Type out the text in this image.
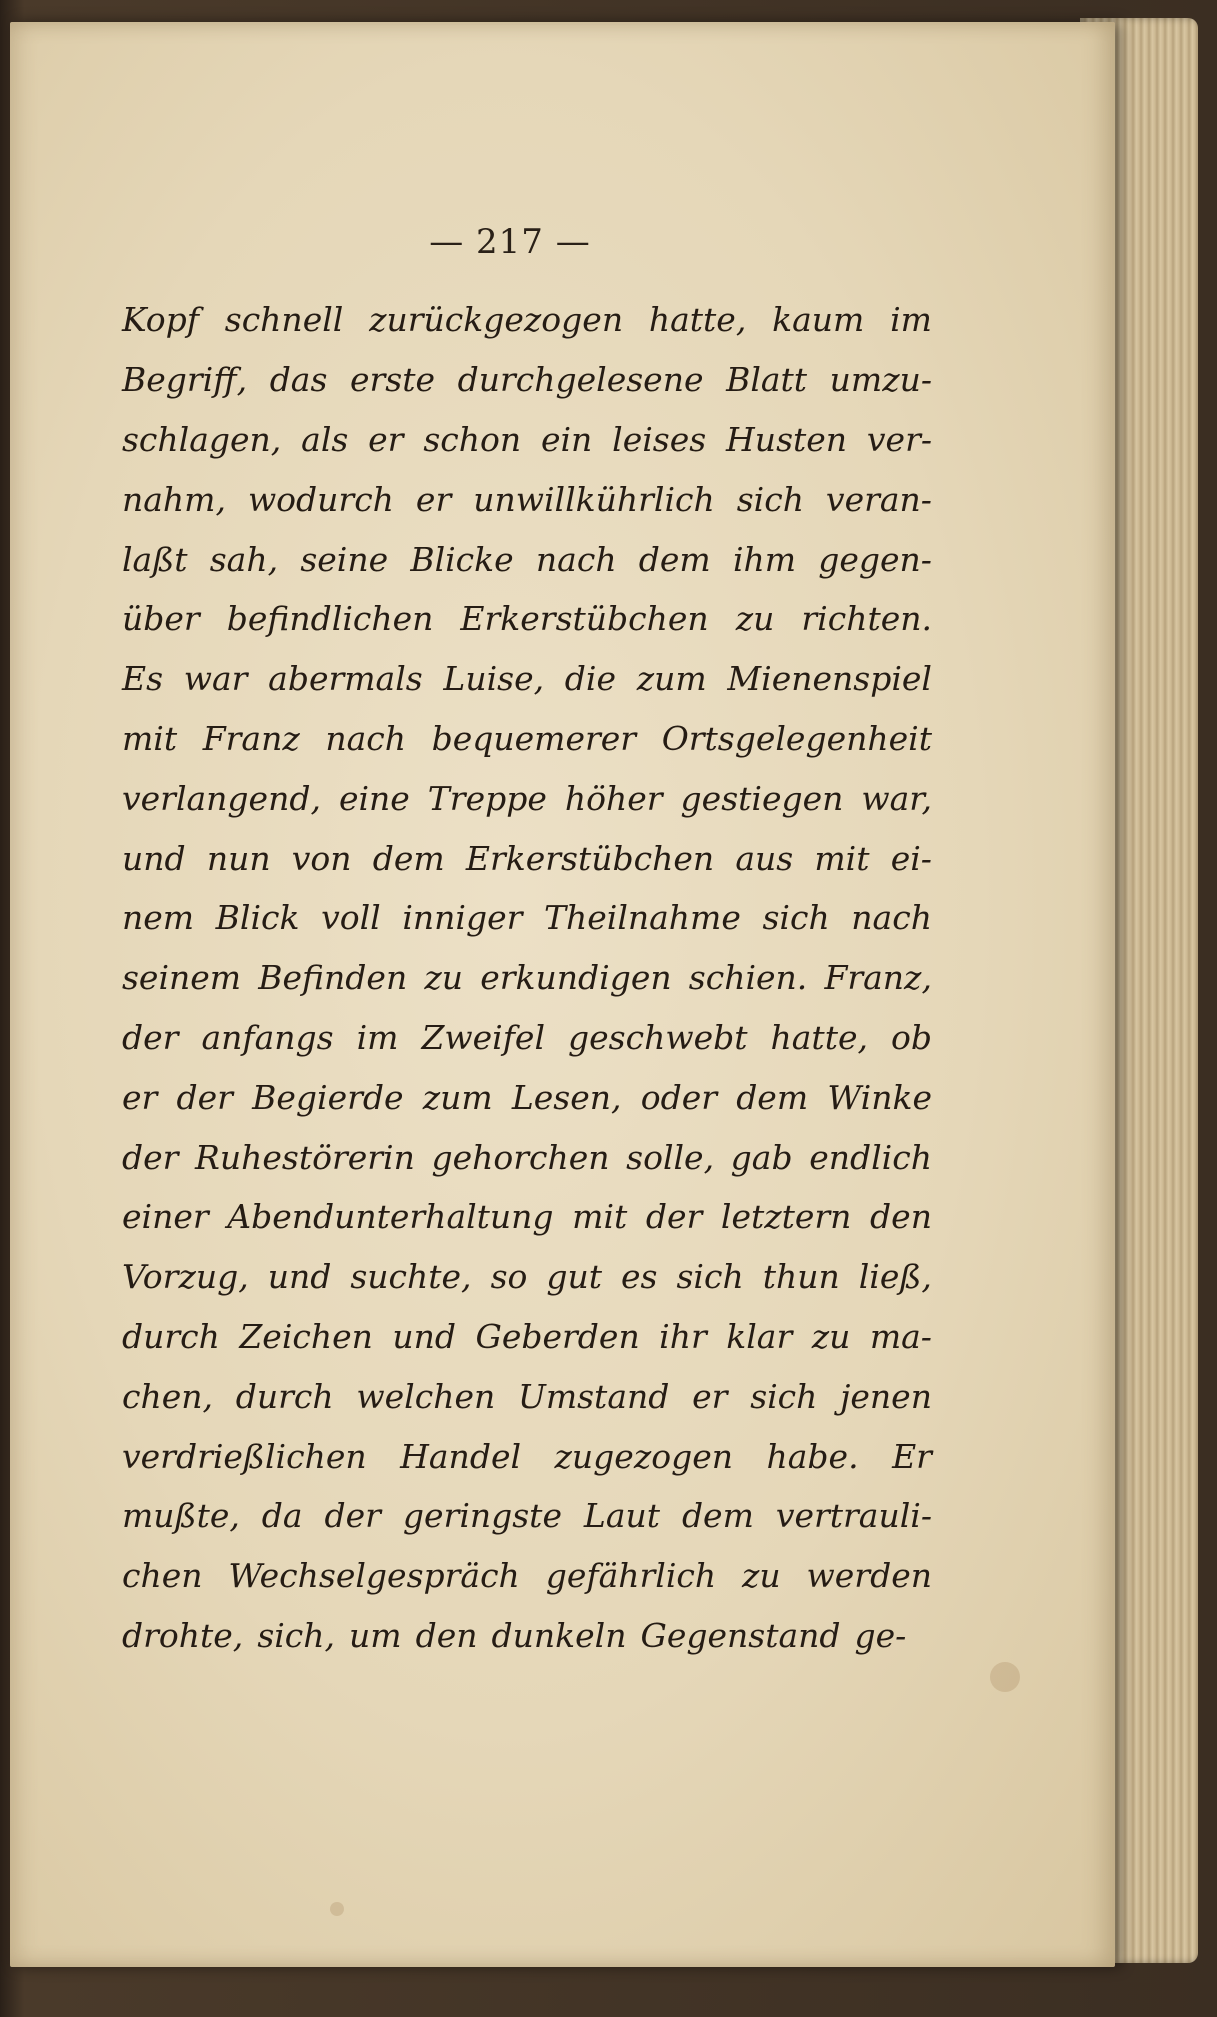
— 217 —
Kopf schnell zurückgezogen hatte, kaum im
Begriff, das erste durchgelesene Blatt umzu-
schlagen, als er schon ein leises Husten ver-
nahm, wodurch er unwillkührlich sich veran-
laßt sah, seine Blicke nach dem ihm gegen-
über befindlichen Erkerstübchen zu richten.
Es war abermals Luise, die zum Mienenspiel
mit Franz nach bequemerer Ortsgelegenheit
verlangend, eine Treppe höher gestiegen war,
und nun von dem Erkerstübchen aus mit ei-
nem Blick voll inniger Theilnahme sich nach
seinem Befinden zu erkundigen schien. Franz,
der anfangs im Zweifel geschwebt hatte, ob
er der Begierde zum Lesen, oder dem Winke
der Ruhestörerin gehorchen solle, gab endlich
einer Abendunterhaltung mit der letztern den
Vorzug, und suchte, so gut es sich thun ließ,
durch Zeichen und Geberden ihr klar zu ma-
chen, durch welchen Umstand er sich jenen
verdrießlichen Handel zugezogen habe. Er
mußte, da der geringste Laut dem vertrauli-
chen Wechselgespräch gefährlich zu werden
drohte, sich, um den dunkeln Gegenstand ge-
